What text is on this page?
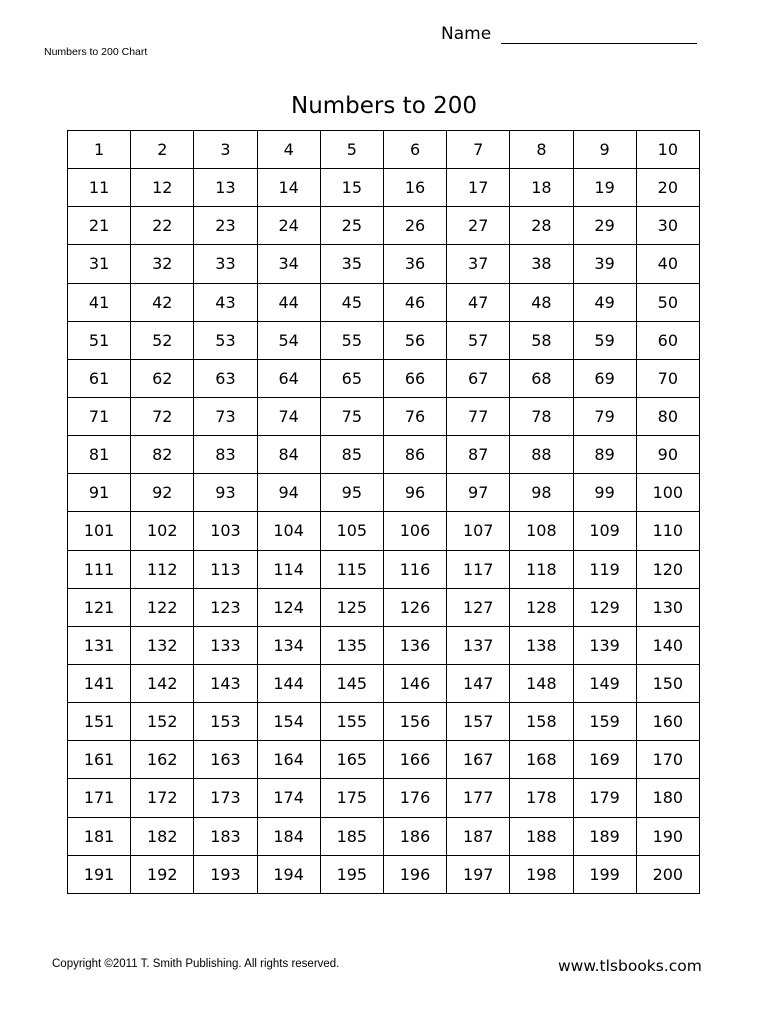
Name
Numbers to 200 Chart
Numbers to 200
1	2	3	4	5	6	7	8	9	10
11	12	13	14	15	16	17	18	19	20
21	22	23	24	25	26	27	28	29	30
31	32	33	34	35	36	37	38	39	40
41	42	43	44	45	46	47	48	49	50
51	52	53	54	55	56	57	58	59	60
61	62	63	64	65	66	67	68	69	70
71	72	73	74	75	76	77	78	79	80
81	82	83	84	85	86	87	88	89	90
91	92	93	94	95	96	97	98	99	100
101	102	103	104	105	106	107	108	109	110
111	112	113	114	115	116	117	118	119	120
121	122	123	124	125	126	127	128	129	130
131	132	133	134	135	136	137	138	139	140
141	142	143	144	145	146	147	148	149	150
151	152	153	154	155	156	157	158	159	160
161	162	163	164	165	166	167	168	169	170
171	172	173	174	175	176	177	178	179	180
181	182	183	184	185	186	187	188	189	190
191	192	193	194	195	196	197	198	199	200
Copyright ©2011 T. Smith Publishing. All rights reserved.	www.tlsbooks.com
